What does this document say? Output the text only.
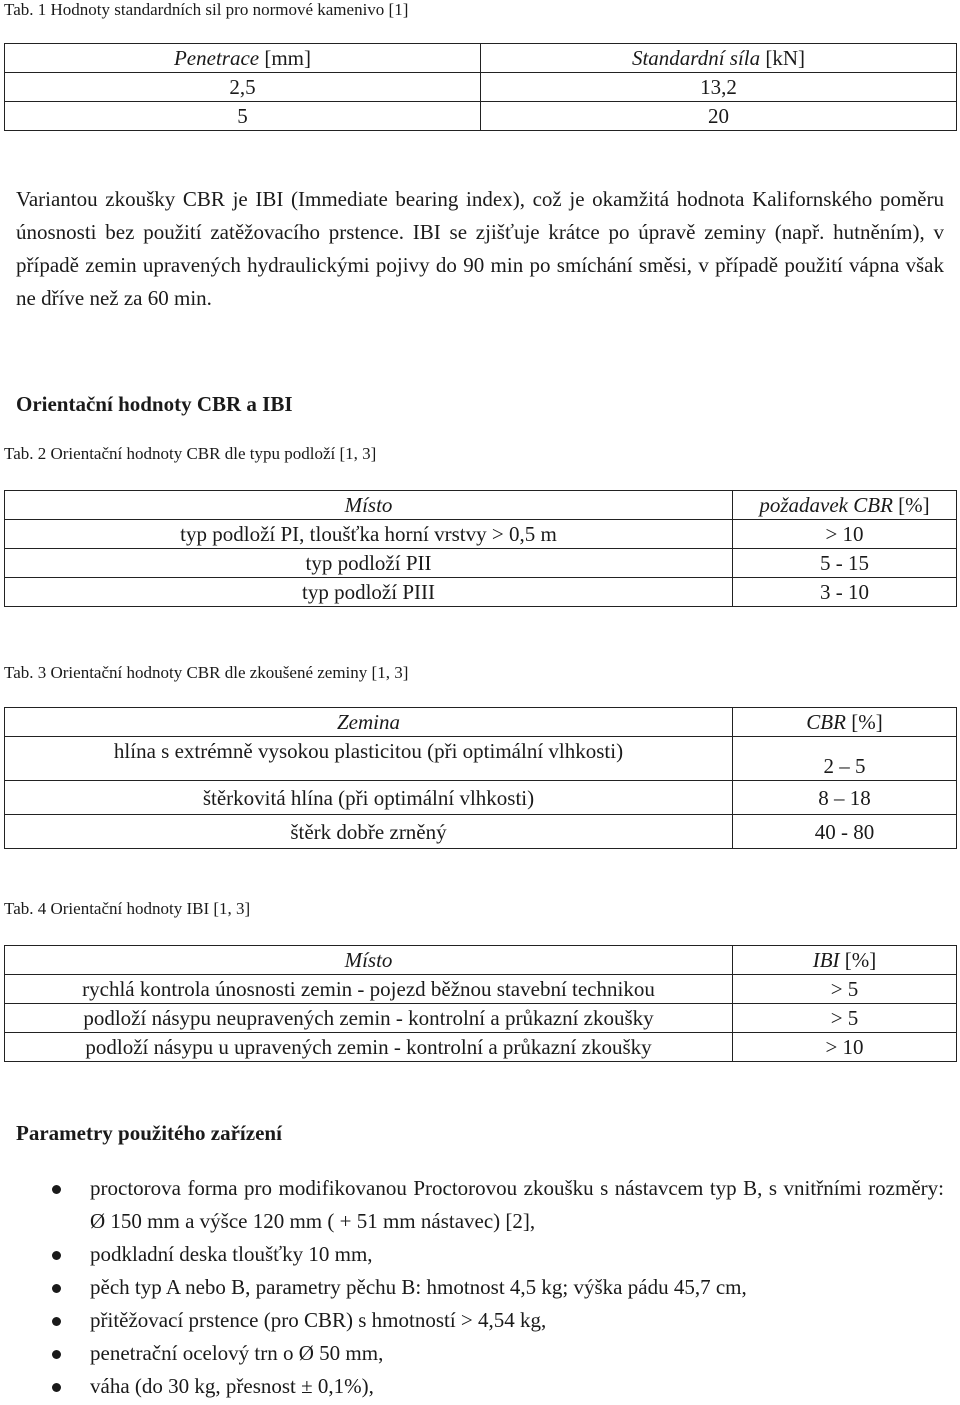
Tab. 1 Hodnoty standardních sil pro normové kamenivo [1]
Penetrace [mm]	Standardní síla [kN]
2,5	13,2
5	20
Variantou zkoušky CBR je IBI (Immediate bearing index), což je okamžitá hodnota Kalifornského poměru únosnosti bez použití zatěžovacího prstence. IBI se zjišťuje krátce po úpravě zeminy (např. hutněním), v případě zemin upravených hydraulickými pojivy do 90 min po smíchání směsi, v případě použití vápna však ne dříve než za 60 min.
Orientační hodnoty CBR a IBI
Tab. 2 Orientační hodnoty CBR dle typu podloží [1, 3]
Místo	požadavek CBR [%]
typ podloží PI, tloušťka horní vrstvy > 0,5 m	> 10
typ podloží PII	5 - 15
typ podloží PIII	3 - 10
Tab. 3 Orientační hodnoty CBR dle zkoušené zeminy [1, 3]
Zemina	CBR [%]
hlína s extrémně vysokou plasticitou (při optimální vlhkosti)	2 – 5
štěrkovitá hlína (při optimální vlhkosti)	8 – 18
štěrk dobře zrněný	40 - 80
Tab. 4 Orientační hodnoty IBI [1, 3]
Místo	IBI [%]
rychlá kontrola únosnosti zemin - pojezd běžnou stavební technikou	> 5
podloží násypu neupravených zemin - kontrolní a průkazní zkoušky	> 5
podloží násypu u upravených zemin - kontrolní a průkazní zkoušky	> 10
Parametry použitého zařízení
proctorova forma pro modifikovanou Proctorovou zkoušku s nástavcem typ B, s vnitřními rozměry: Ø 150 mm a výšce 120 mm ( + 51 mm nástavec) [2],
podkladní deska tloušťky 10 mm,
pěch typ A nebo B, parametry pěchu B: hmotnost 4,5 kg; výška pádu 45,7 cm,
přitěžovací prstence (pro CBR) s hmotností > 4,54 kg,
penetrační ocelový trn o Ø 50 mm,
váha (do 30 kg, přesnost ± 0,1%),
